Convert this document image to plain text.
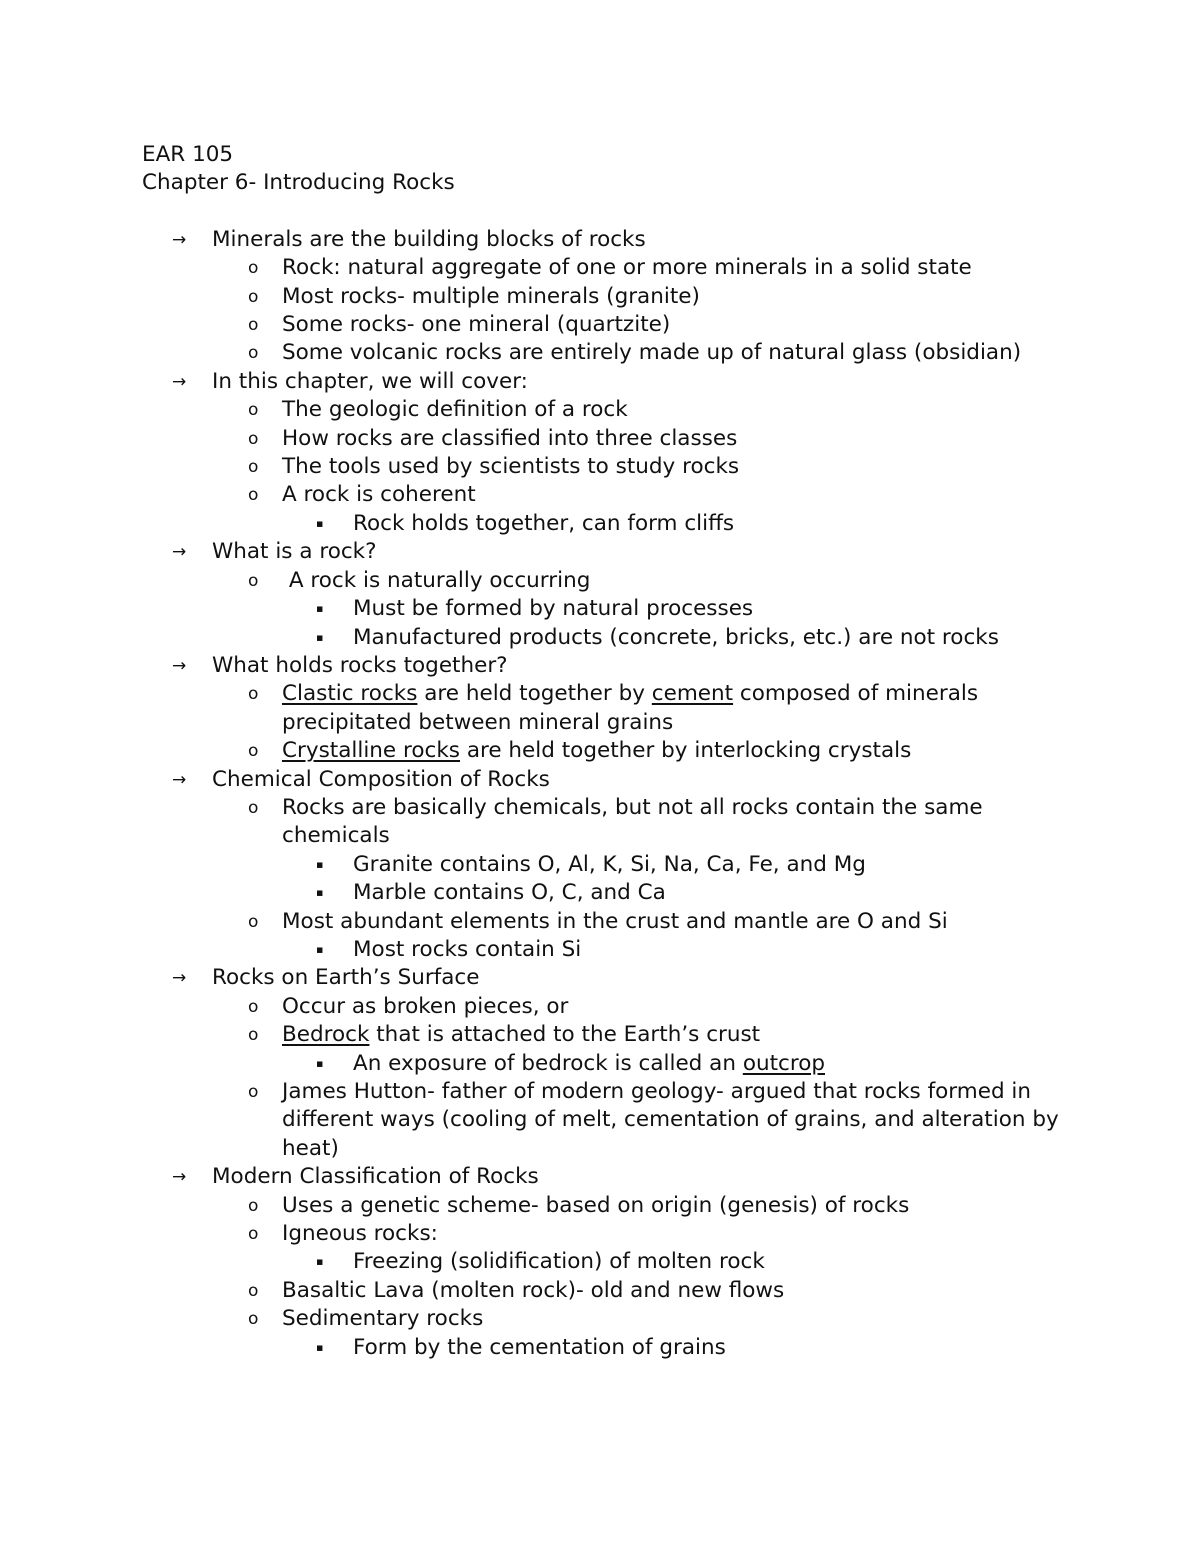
EAR 105

Chapter 6- Introducing Rocks

→	Minerals are the building blocks of rocks
o	Rock: natural aggregate of one or more minerals in a solid state
o	Most rocks- multiple minerals (granite)
o	Some rocks- one mineral (quartzite)
o	Some volcanic rocks are entirely made up of natural glass (obsidian)
→	In this chapter, we will cover:
o	The geologic definition of a rock
o	How rocks are classified into three classes
o	The tools used by scientists to study rocks
o	A rock is coherent
▪	Rock holds together, can form cliffs
→	What is a rock?
o	A rock is naturally occurring
▪	Must be formed by natural processes
▪	Manufactured products (concrete, bricks, etc.) are not rocks
→	What holds rocks together?
o	Clastic rocks are held together by cement composed of minerals precipitated between mineral grains
o	Crystalline rocks are held together by interlocking crystals
→	Chemical Composition of Rocks
o	Rocks are basically chemicals, but not all rocks contain the same chemicals
▪	Granite contains O, Al, K, Si, Na, Ca, Fe, and Mg
▪	Marble contains O, C, and Ca
o	Most abundant elements in the crust and mantle are O and Si
▪	Most rocks contain Si
→	Rocks on Earth’s Surface
o	Occur as broken pieces, or
o	Bedrock that is attached to the Earth’s crust
▪	An exposure of bedrock is called an outcrop
o	James Hutton- father of modern geology- argued that rocks formed in different ways (cooling of melt, cementation of grains, and alteration by heat)
→	Modern Classification of Rocks
o	Uses a genetic scheme- based on origin (genesis) of rocks
o	Igneous rocks:
▪	Freezing (solidification) of molten rock
o	Basaltic Lava (molten rock)- old and new flows
o	Sedimentary rocks
▪	Form by the cementation of grains
